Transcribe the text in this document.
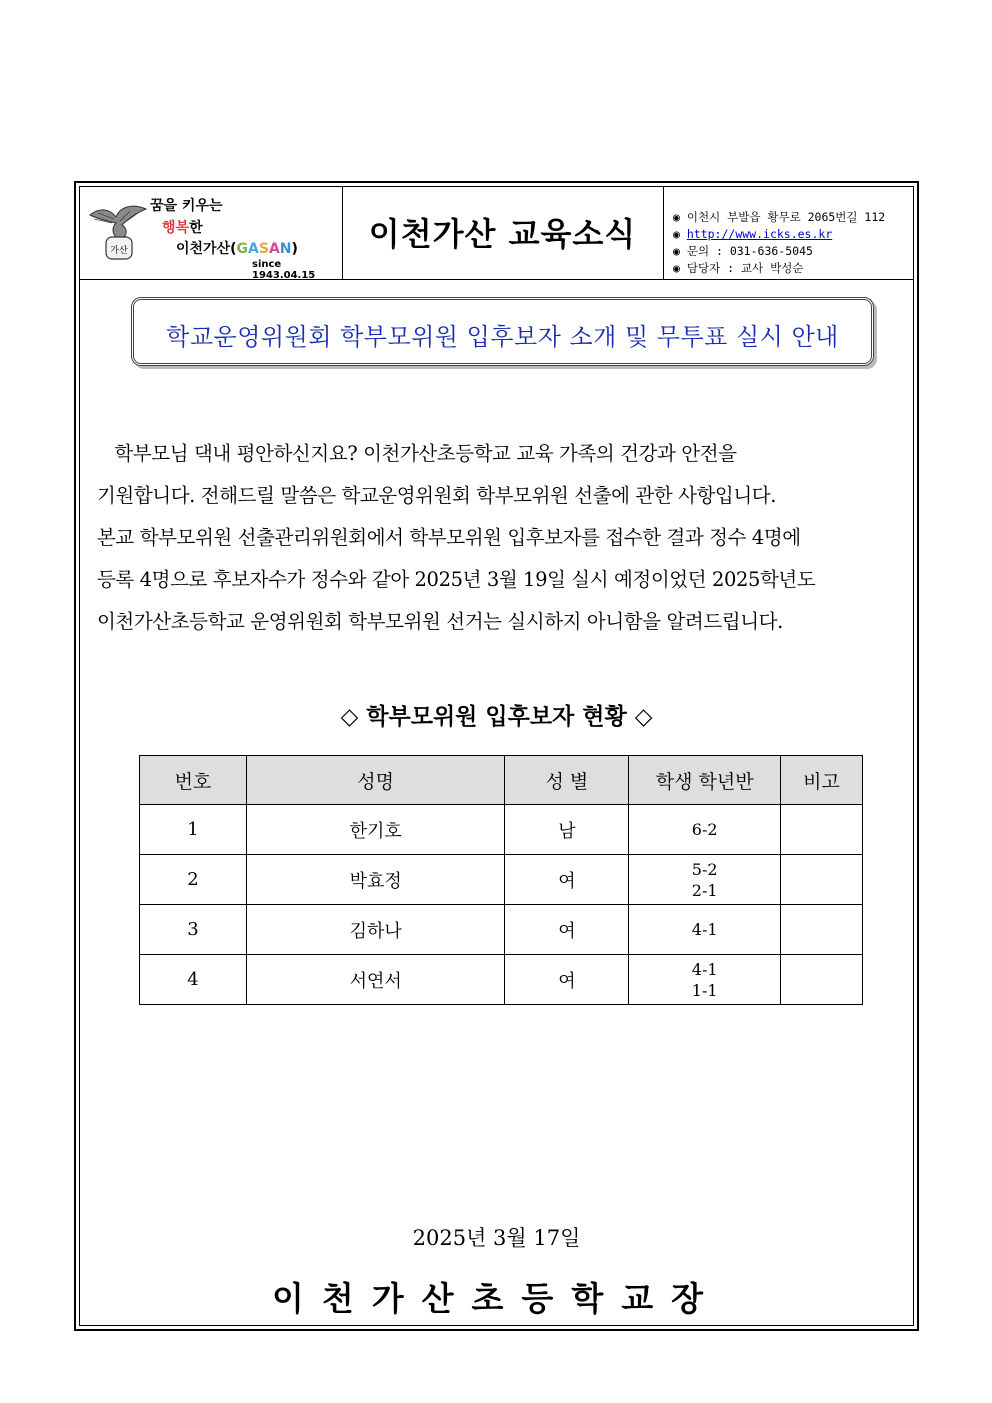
가산
꿈을 키우는
행복한
이천가산(GASAN)
since 1943.04.15
이천가산 교육소식	◉ 이천시 부발읍 황무로 2065번길 112
◉ http://www.icks.es.kr
◉ 문의 : 031-636-5045
◉ 담당자 : 교사 박성순
학교운영위원회 학부모위원 입후보자 소개 및 무투표 실시 안내
학부모님 댁내 평안하신지요? 이천가산초등학교 교육 가족의 건강과 안전을
기원합니다. 전해드릴 말씀은 학교운영위원회 학부모위원 선출에 관한 사항입니다.
본교 학부모위원 선출관리위원회에서 학부모위원 입후보자를 접수한 결과 정수 4명에
등록 4명으로 후보자수가 정수와 같아 2025년 3월 19일 실시 예정이었던 2025학년도
이천가산초등학교 운영위원회 학부모위원 선거는 실시하지 아니함을 알려드립니다.
◇ 학부모위원 입후보자 현황 ◇
번호	성명	성 별	학생 학년반	비고
1	한기호	남	6-2	

2	박효정	여	5-2
2-1	

3	김하나	여	4-1	

4	서연서	여	4-1
1-1	

2025년 3월 17일
이천가산초등학교장
